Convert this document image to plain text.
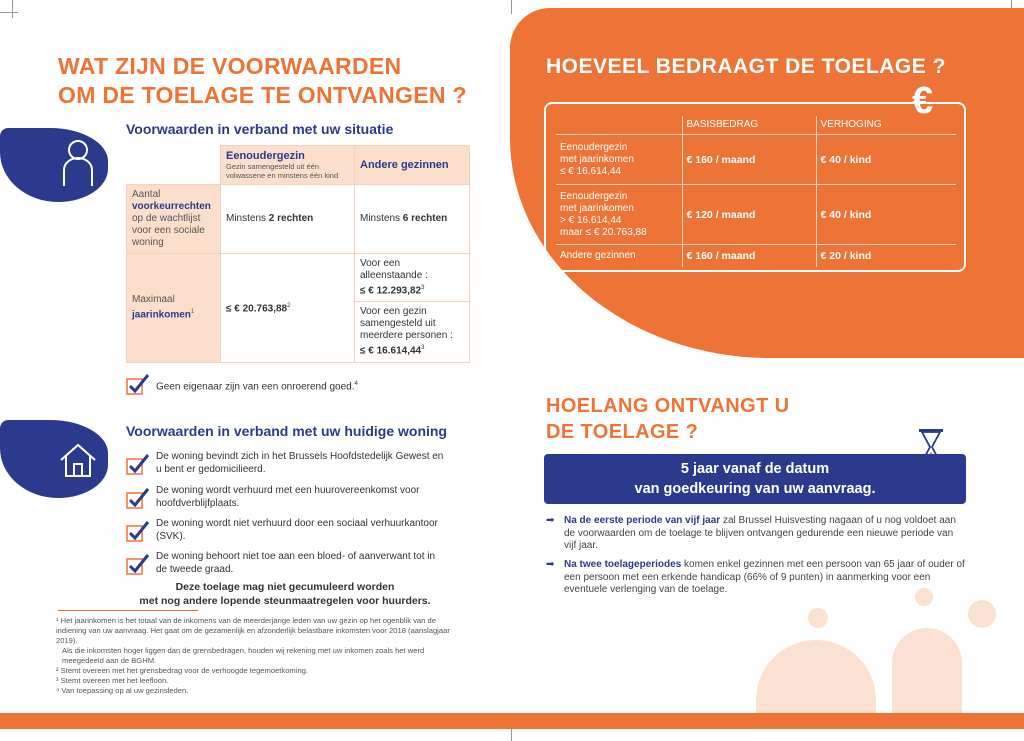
WAT ZIJN DE VOORWAARDEN
OM DE TOELAGE TE ONTVANGEN ?
Voorwaarden in verband met uw situatie
	Eenoudergezin
Gezin samengesteld uit één volwassene en minstens één kind	Andere gezinnen
Aantal
voorkeurrechten
op de wachtlijst voor een sociale woning	Minstens 2 rechten	Minstens 6 rechten
Maximaal
jaarinkomen$^1$	≤ € 20.763,88$^2$	Voor een alleenstaande :
≤ € 12.293,82$^3$
		Voor een gezin samengesteld uit meerdere personen :
≤ € 16.614,44$^3$
Geen eigenaar zijn van een onroerend goed.$^4$
Voorwaarden in verband met uw huidige woning
De woning bevindt zich in het Brussels Hoofdstedelijk Gewest en u bent er gedomicilieerd.
De woning wordt verhuurd met een huurovereenkomst voor hoofdverblijfplaats.
De woning wordt niet verhuurd door een sociaal verhuurkantoor (SVK).
De woning behoort niet toe aan een bloed- of aanverwant tot in de tweede graad.
Deze toelage mag niet gecumuleerd worden
met nog andere lopende steunmaatregelen voor huurders.
¹ Het jaarinkomen is het totaal van de inkomens van de meerderjarige leden van uw gezin op het ogenblik van de indiening van uw aanvraag. Het gaat om de gezamenlijk en afzonderlijk belastbare inkomsten voor 2018 (aanslagjaar 2019).
Als die inkomsten hoger liggen dan de grensbedragen, houden wij rekening met uw inkomen zoals het werd meegedeeld aan de BGHM.
² Stemt overeen met het grensbedrag voor de verhoogde tegemoetkoming.
³ Stemt overeen met het leefloon.
⁴ Van toepassing op al uw gezinsleden.
HOEVEEL BEDRAAGT DE TOELAGE ?
€
	BASISBEDRAG	VERHOGING

Eenoudergezin
met jaarinkomen
≤ € 16.614,44	€ 160 / maand	€ 40 / kind

Eenoudergezin
met jaarinkomen
> € 16.614,44
maar ≤ € 20.763,88	€ 120 / maand	€ 40 / kind

Andere gezinnen	€ 160 / maand	€ 20 / kind
HOELANG ONTVANGT U
DE TOELAGE ?
5 jaar vanaf de datum
van goedkeuring van uw aanvraag.
➡ Na de eerste periode van vijf jaar zal Brussel Huisvesting nagaan of u nog voldoet aan de voorwaarden om de toelage te blijven ontvangen gedurende een nieuwe periode van vijf jaar.
➡ Na twee toelageperiodes komen enkel gezinnen met een persoon van 65 jaar of ouder of een persoon met een erkende handicap (66% of 9 punten) in aanmerking voor een eventuele verlenging van de toelage.
